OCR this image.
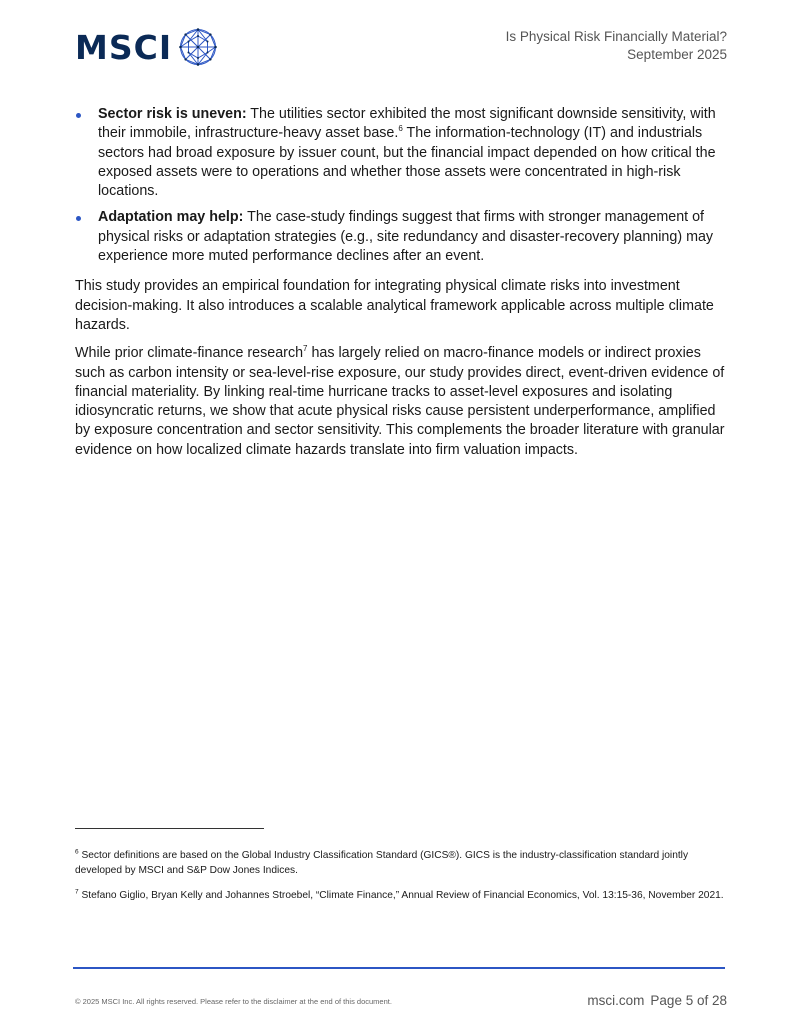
MSCI	Is Physical Risk Financially Material?
September 2025
Sector risk is uneven: The utilities sector exhibited the most significant downside sensitivity, with their immobile, infrastructure-heavy asset base.$^6$ The information-technology (IT) and industrials sectors had broad exposure by issuer count, but the financial impact depended on how critical the exposed assets were to operations and whether those assets were concentrated in high-risk locations.
Adaptation may help: The case-study findings suggest that firms with stronger management of physical risks or adaptation strategies (e.g., site redundancy and disaster-recovery planning) may experience more muted performance declines after an event.

This study provides an empirical foundation for integrating physical climate risks into investment decision-making. It also introduces a scalable analytical framework applicable across multiple climate hazards.

While prior climate-finance research$^7$ has largely relied on macro-finance models or indirect proxies such as carbon intensity or sea-level-rise exposure, our study provides direct, event-driven evidence of financial materiality. By linking real-time hurricane tracks to asset-level exposures and isolating idiosyncratic returns, we show that acute physical risks cause persistent underperformance, amplified by exposure concentration and sector sensitivity. This complements the broader literature with granular evidence on how localized climate hazards translate into firm valuation impacts.

$^6$ Sector definitions are based on the Global Industry Classification Standard (GICS®). GICS is the industry-classification standard jointly developed by MSCI and S&P Dow Jones Indices.

$^7$ Stefano Giglio, Bryan Kelly and Johannes Stroebel, “Climate Finance,” Annual Review of Financial Economics, Vol. 13:15-36, November 2021.

© 2025 MSCI Inc. All rights reserved. Please refer to the disclaimer at the end of this document.	msci.com Page 5 of 28
